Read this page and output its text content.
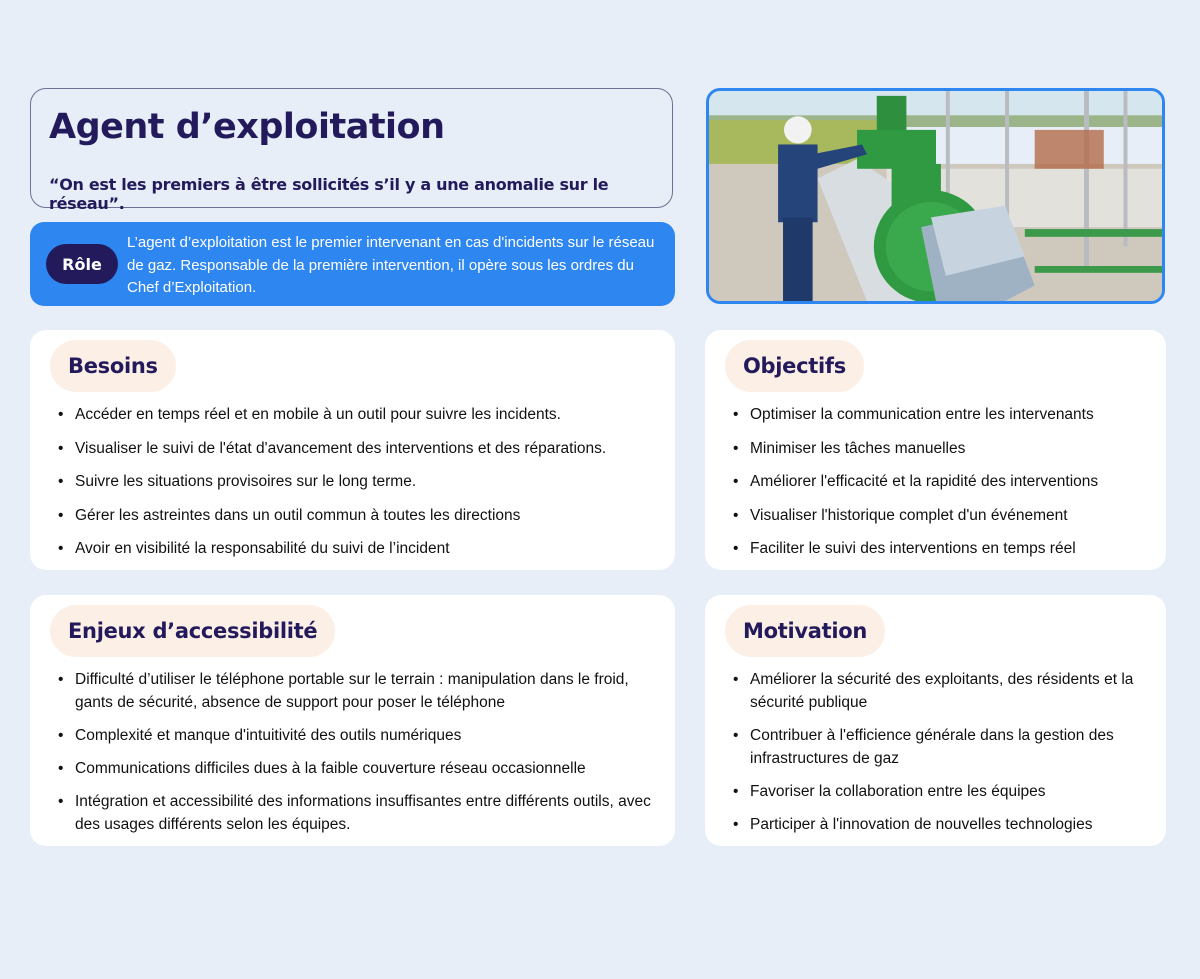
Agent d’exploitation

“On est les premiers à être sollicités s’il y a une anomalie sur le réseau”.

Rôle
L’agent d’exploitation est le premier intervenant en cas d'incidents sur le réseau de gaz. Responsable de la première intervention, il opère sous les ordres du Chef d’Exploitation.
Besoins
• Accéder en temps réel et en mobile à un outil pour suivre les incidents.
• Visualiser le suivi de l'état d'avancement des interventions et des réparations.
• Suivre les situations provisoires sur le long terme.
• Gérer les astreintes dans un outil commun à toutes les directions
• Avoir en visibilité la responsabilité du suivi de l’incident
Objectifs
• Optimiser la communication entre les intervenants
• Minimiser les tâches manuelles
• Améliorer l'efficacité et la rapidité des interventions
• Visualiser l'historique complet d'un événement
• Faciliter le suivi des interventions en temps réel
Enjeux d’accessibilité
• Difficulté d’utiliser le téléphone portable sur le terrain : manipulation dans le froid, gants de sécurité, absence de support pour poser le téléphone
• Complexité et manque d'intuitivité des outils numériques
• Communications difficiles dues à la faible couverture réseau occasionnelle
• Intégration et accessibilité des informations insuffisantes entre différents outils, avec des usages différents selon les équipes.
Motivation
• Améliorer la sécurité des exploitants, des résidents et la sécurité publique
• Contribuer à l'efficience générale dans la gestion des infrastructures de gaz
• Favoriser la collaboration entre les équipes
• Participer à l'innovation de nouvelles technologies
